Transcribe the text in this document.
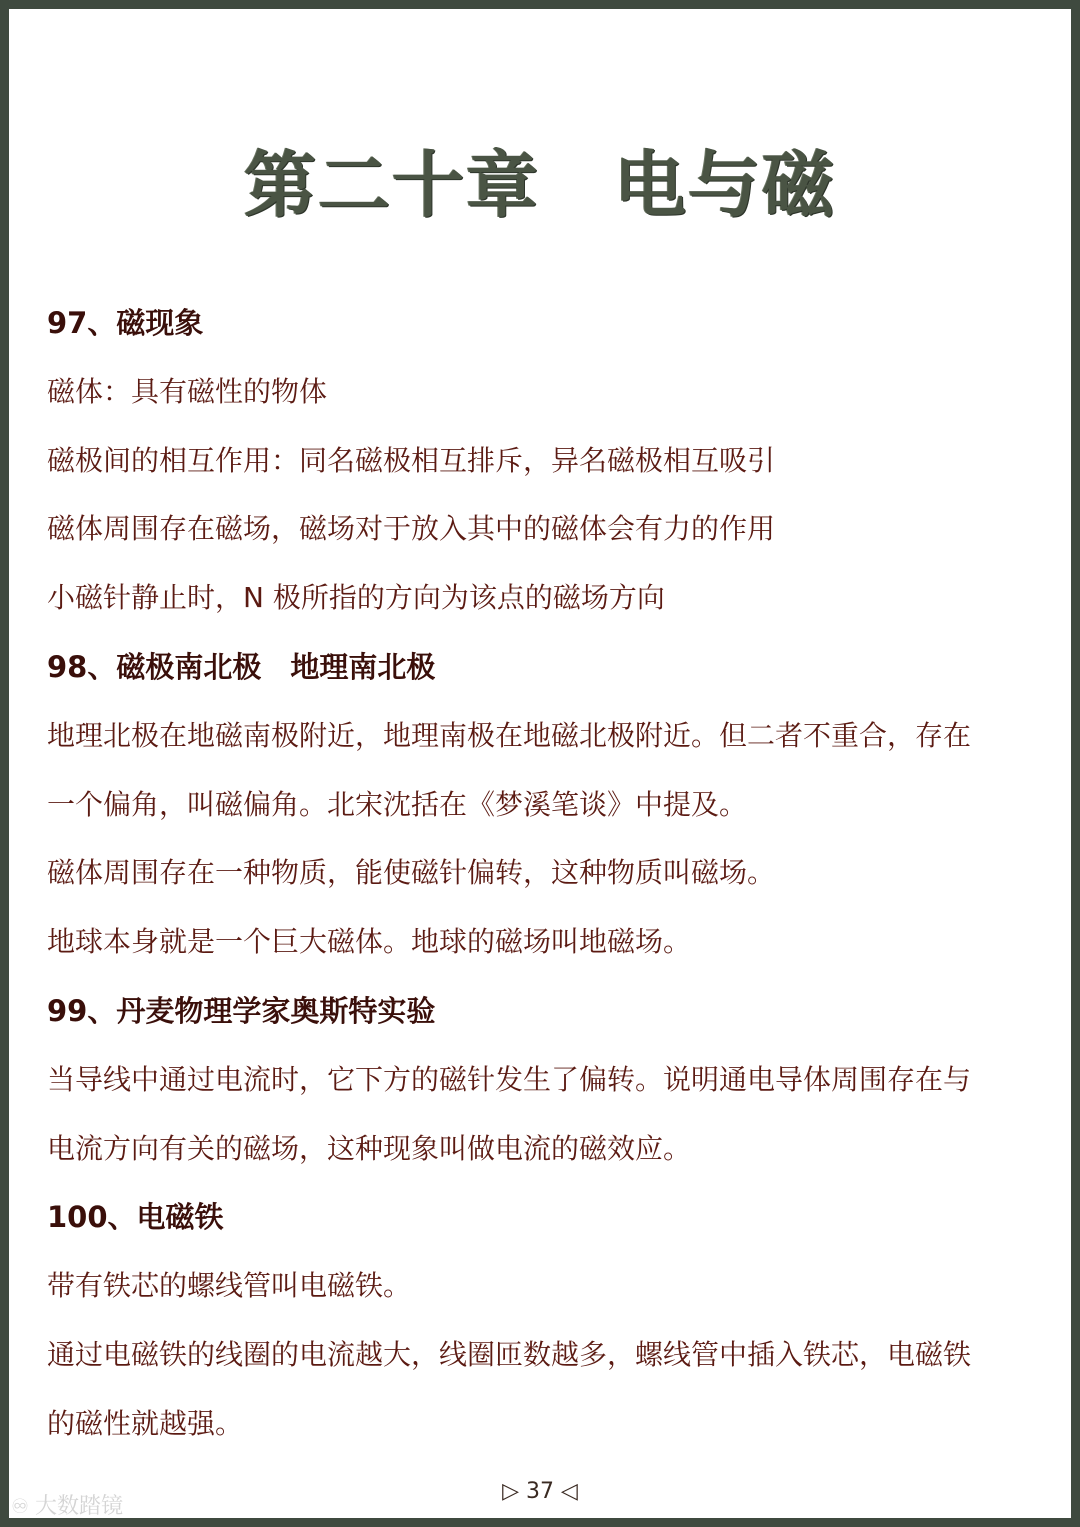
第二十章　电与磁
97、磁现象
磁体：具有磁性的物体
磁极间的相互作用：同名磁极相互排斥，异名磁极相互吸引
磁体周围存在磁场，磁场对于放入其中的磁体会有力的作用
小磁针静止时，N 极所指的方向为该点的磁场方向
98、磁极南北极　地理南北极
地理北极在地磁南极附近，地理南极在地磁北极附近。但二者不重合，存在
一个偏角，叫磁偏角。北宋沈括在《梦溪笔谈》中提及。
磁体周围存在一种物质，能使磁针偏转，这种物质叫磁场。
地球本身就是一个巨大磁体。地球的磁场叫地磁场。
99、丹麦物理学家奥斯特实验
当导线中通过电流时，它下方的磁针发生了偏转。说明通电导体周围存在与
电流方向有关的磁场，这种现象叫做电流的磁效应。
100、电磁铁
带有铁芯的螺线管叫电磁铁。
通过电磁铁的线圈的电流越大，线圈匝数越多，螺线管中插入铁芯，电磁铁
的磁性就越强。
▷ 37 ◁
♾ 大数踏镜
